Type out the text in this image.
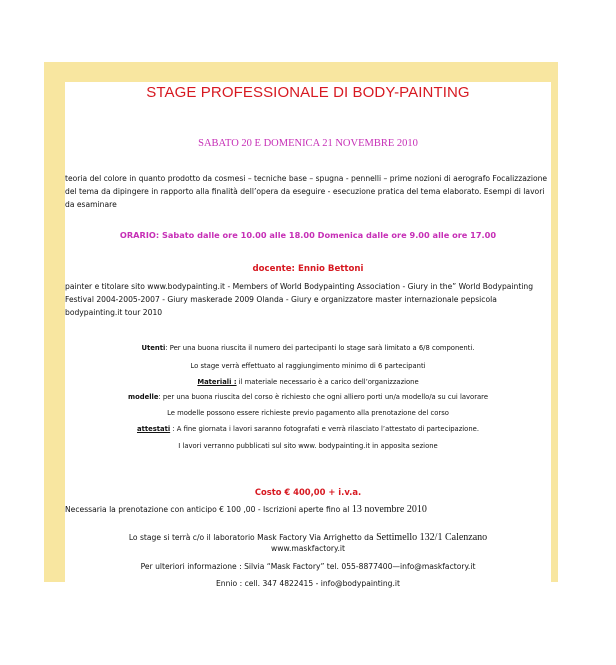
STAGE PROFESSIONALE DI BODY-PAINTING
SABATO 20 E DOMENICA 21 NOVEMBRE 2010
teoria del colore in quanto prodotto da cosmesi – tecniche base – spugna - pennelli – prime nozioni di aerografo Focalizzazione del tema da dipingere in rapporto alla finalità dell’opera da eseguire - esecuzione pratica del tema elaborato. Esempi di lavori da esaminare
ORARIO: Sabato dalle ore 10.00 alle 18.00 Domenica dalle ore 9.00 alle ore 17.00
docente: Ennio Bettoni
painter e titolare sito www.bodypainting.it - Members of World Bodypainting Association - Giury in the” World Bodypainting Festival 2004-2005-2007 - Giury maskerade 2009 Olanda - Giury e organizzatore master internazionale pepsicola bodypainting.it tour 2010
Utenti: Per una buona riuscita il numero dei partecipanti lo stage sarà limitato a 6/8 componenti.
Lo stage verrà effettuato al raggiungimento minimo di 6 partecipanti
Materiali : il materiale necessario è a carico dell’organizzazione
modelle: per una buona riuscita del corso è richiesto che ogni alliero porti un/a modello/a su cui lavorare
Le modelle possono essere richieste previo pagamento alla prenotazione del corso
attestati : A fine giornata i lavori saranno fotografati e verrà rilasciato l’attestato di partecipazione.
I lavori verranno pubblicati sul sito www. bodypainting.it in apposita sezione
Costo € 400,00 + i.v.a.
Necessaria la prenotazione con anticipo € 100 ,00 - Iscrizioni aperte fino al 13 novembre 2010
Lo stage si terrà c/o il laboratorio Mask Factory Via Arrighetto da Settimello 132/1 Calenzano
www.maskfactory.it
Per ulteriori informazione : Silvia “Mask Factory” tel. 055-8877400—info@maskfactory.it
Ennio : cell. 347 4822415 - info@bodypainting.it
